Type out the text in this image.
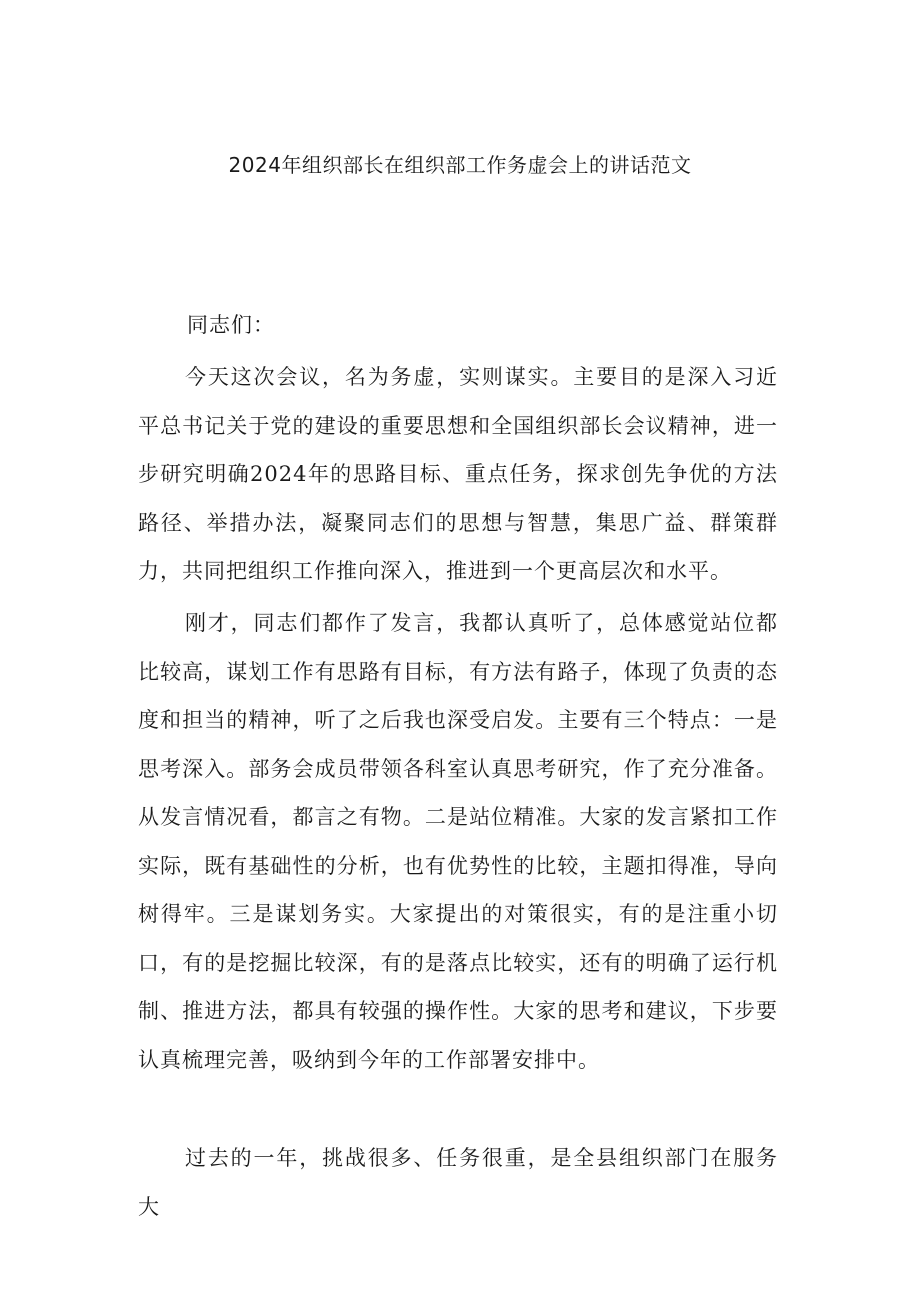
2024年组织部长在组织部工作务虚会上的讲话范文

同志们：

今天这次会议，名为务虚，实则谋实。主要目的是深入习近平总书记关于党的建设的重要思想和全国组织部长会议精神，进一步研究明确2024年的思路目标、重点任务，探求创先争优的方法路径、举措办法，凝聚同志们的思想与智慧，集思广益、群策群力，共同把组织工作推向深入，推进到一个更高层次和水平。

刚才，同志们都作了发言，我都认真听了，总体感觉站位都比较高，谋划工作有思路有目标，有方法有路子，体现了负责的态度和担当的精神，听了之后我也深受启发。主要有三个特点：一是思考深入。部务会成员带领各科室认真思考研究，作了充分准备。从发言情况看，都言之有物。二是站位精准。大家的发言紧扣工作实际，既有基础性的分析，也有优势性的比较，主题扣得准，导向树得牢。三是谋划务实。大家提出的对策很实，有的是注重小切口，有的是挖掘比较深，有的是落点比较实，还有的明确了运行机制、推进方法，都具有较强的操作性。大家的思考和建议，下步要认真梳理完善，吸纳到今年的工作部署安排中。

过去的一年，挑战很多、任务很重，是全县组织部门在服务大
